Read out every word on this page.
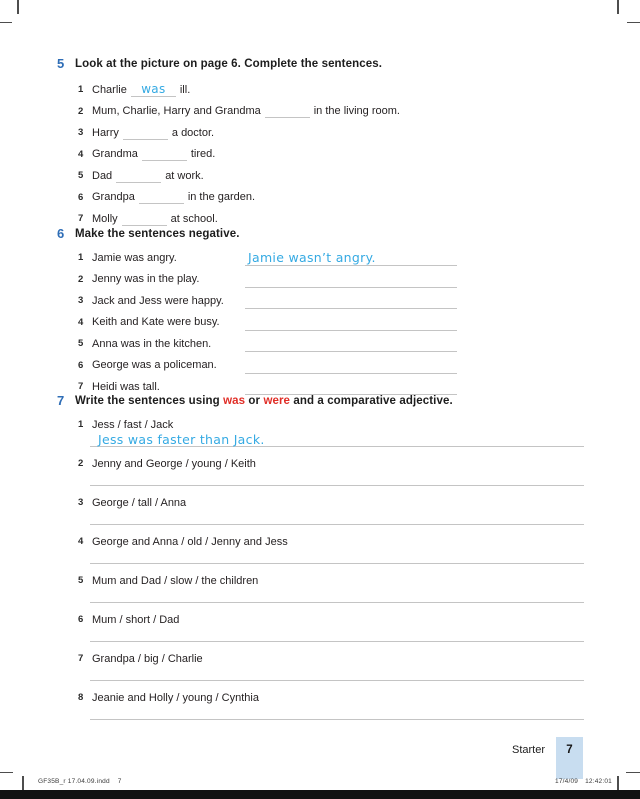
5 Look at the picture on page 6. Complete the sentences.
1 Charlie	was	ill.
2 Mum, Charlie, Harry and Grandma	in the living room.
3 Harry	a doctor.
4 Grandma	tired.
5 Dad	at work.
6 Grandpa	in the garden.
7 Molly	at school.
6 Make the sentences negative.
1 Jamie was angry.	Jamie wasn’t angry.
2 Jenny was in the play.
3 Jack and Jess were happy.
4 Keith and Kate were busy.
5 Anna was in the kitchen.
6 George was a policeman.
7 Heidi was tall.
7 Write the sentences using was or were and a comparative adjective.
1 Jess / fast / Jack
Jess was faster than Jack.
2 Jenny and George / young / Keith
3 George / tall / Anna
4 George and Anna / old / Jenny and Jess
5 Mum and Dad / slow / the children
6 Mum / short / Dad
7 Grandpa / big / Charlie
8 Jeanie and Holly / young / Cynthia
Starter	7
GF35B_r 17.04.09.indd 7	17/4/09 12:42:01
